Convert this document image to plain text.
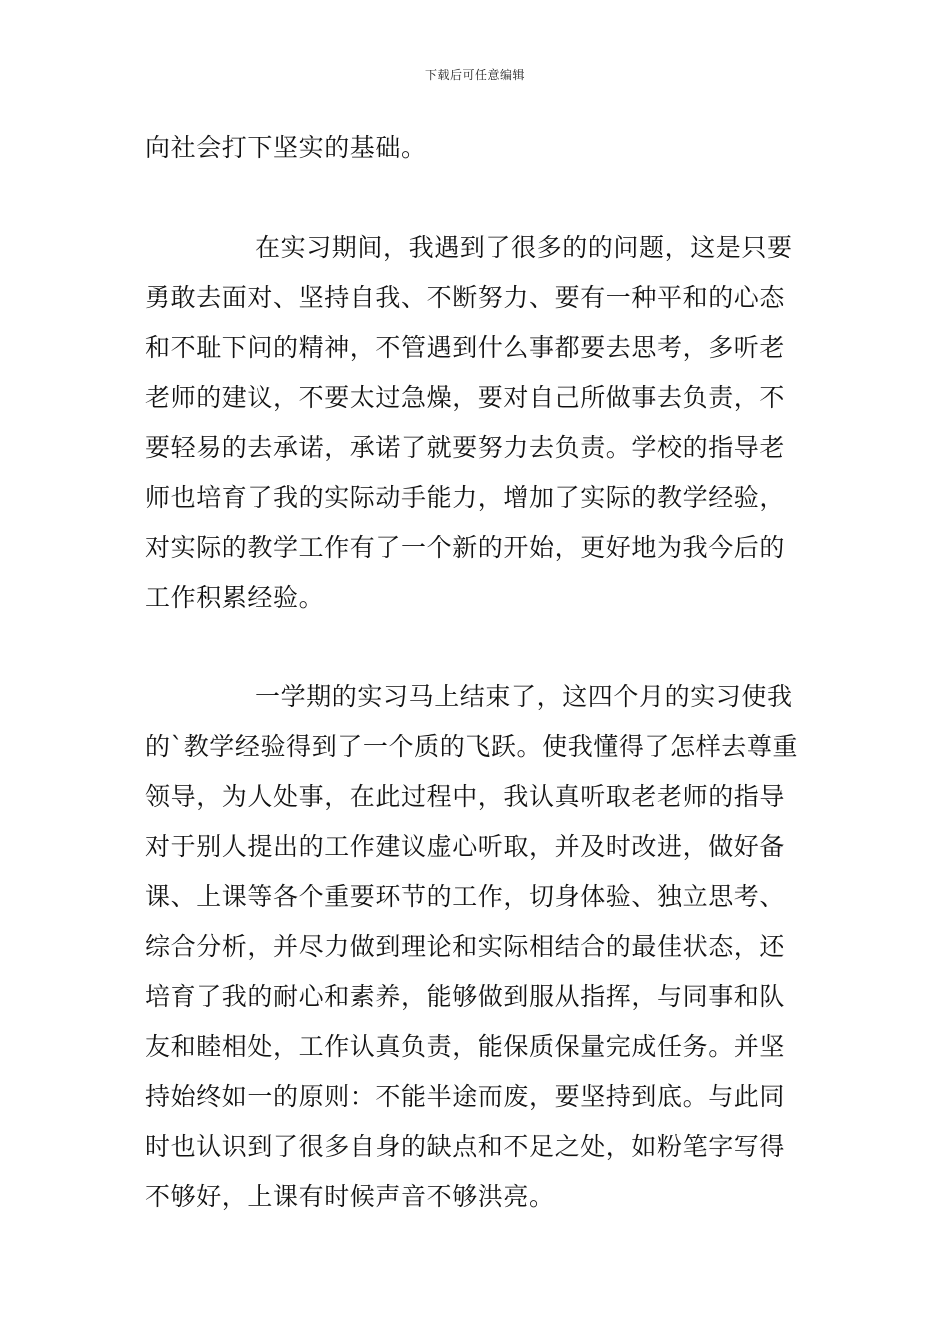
下载后可任意编辑
向社会打下坚实的基础。
在实习期间，我遇到了很多的的问题，这是只要
勇敢去面对、坚持自我、不断努力、要有一种平和的心态
和不耻下问的精神，不管遇到什么事都要去思考，多听老
老师的建议，不要太过急燥，要对自己所做事去负责，不
要轻易的去承诺，承诺了就要努力去负责。学校的指导老
师也培育了我的实际动手能力，增加了实际的教学经验，
对实际的教学工作有了一个新的开始，更好地为我今后的
工作积累经验。
一学期的实习马上结束了，这四个月的实习使我
的`教学经验得到了一个质的飞跃。使我懂得了怎样去尊重
领导，为人处事，在此过程中，我认真听取老老师的指导
对于别人提出的工作建议虚心听取，并及时改进，做好备
课、上课等各个重要环节的工作，切身体验、独立思考、
综合分析，并尽力做到理论和实际相结合的最佳状态，还
培育了我的耐心和素养，能够做到服从指挥，与同事和队
友和睦相处，工作认真负责，能保质保量完成任务。并坚
持始终如一的原则：不能半途而废，要坚持到底。与此同
时也认识到了很多自身的缺点和不足之处，如粉笔字写得
不够好，上课有时候声音不够洪亮。
